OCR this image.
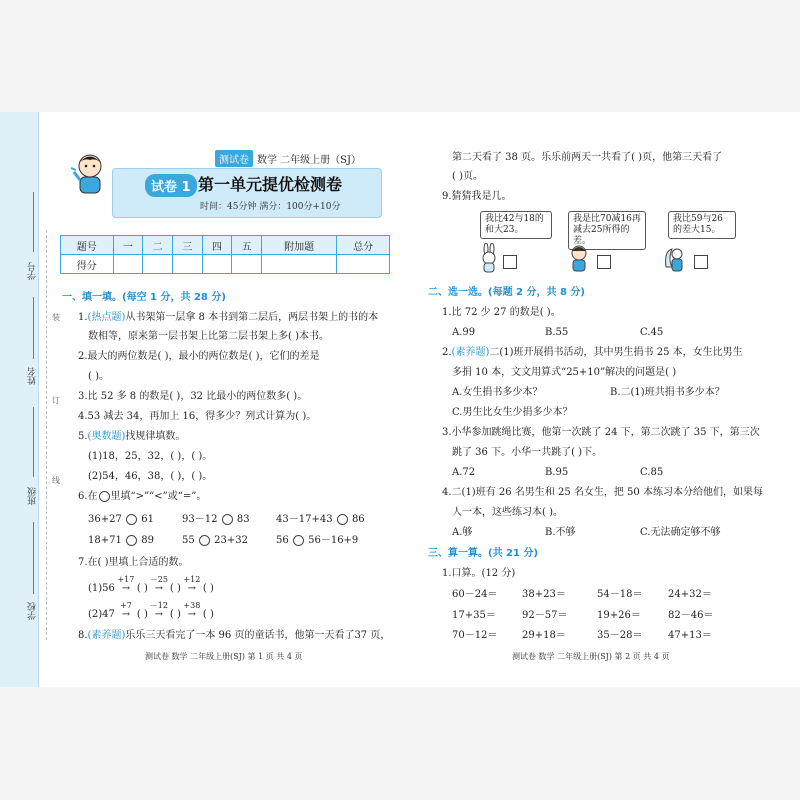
学号
姓名
班级
学校
装
订
线
测试卷 数学 二年级上册（SJ）
试卷 1 第一单元提优检测卷
时间：45分钟 满分：100分+10分
题号	一	二	三	四	五	附加题	总分
得分							
一、填一填。(每空 1 分，共 28 分)
1.(热点题)从书架第一层拿 8 本书到第二层后，两层书架上的书的本
数相等，原来第一层书架上比第二层书架上多( )本书。
2.最大的两位数是( )，最小的两位数是( )，它们的差是
( )。
3.比 52 多 8 的数是( )，32 比最小的两位数多( )。
4.53 减去 34，再加上 16，得多少？列式计算为( )。
5.(奥数题)找规律填数。
(1)18，25，32，( )，( )。
(2)54，46，38，( )，( )。
6.在 里填“>”“<”或“=”。
36+27 61	93－12 83	43－17+43 86
18+71 89	55 23+32	56 56－16+9
7.在( )里填上合适的数。
(1)56 →
+17
( ) →
－25
( ) →
+12
( )
(2)47 →
+7
( ) →
－12
( ) →
+38
( )
8.(素养题)乐乐三天看完了一本 96 页的童话书，他第一天看了37 页，
测试卷 数学 二年级上册(SJ) 第 1 页 共 4 页
第二天看了 38 页。乐乐前两天一共看了( )页，他第三天看了
( )页。
9.猜猜我是几。
我比42与18的和大23。
我是比70减16再减去25所得的差。
我比59与26的差大15。
二、选一选。(每题 2 分，共 8 分)
1.比 72 少 27 的数是( )。
A.99	B.55	C.45
2.(素养题)二(1)班开展捐书活动，其中男生捐书 25 本，女生比男生
多捐 10 本，文文用算式“25+10”解决的问题是( )
A.女生捐书多少本？	B.二(1)班共捐书多少本？
C.男生比女生少捐多少本？
3.小华参加跳绳比赛，他第一次跳了 24 下，第二次跳了 35 下，第三次
跳了 36 下。小华一共跳了( )下。
A.72	B.95	C.85
4.二(1)班有 26 名男生和 25 名女生，把 50 本练习本分给他们，如果每
人一本，这些练习本( )。
A.够	B.不够	C.无法确定够不够
三、算一算。(共 21 分)
1.口算。(12 分)
60－24＝ 38+23＝	54－18＝	24+32＝
17+35＝	92－57＝	19+26＝	82－46＝
70－12＝ 29+18＝	35－28＝	47+13＝
测试卷 数学 二年级上册(SJ) 第 2 页 共 4 页
